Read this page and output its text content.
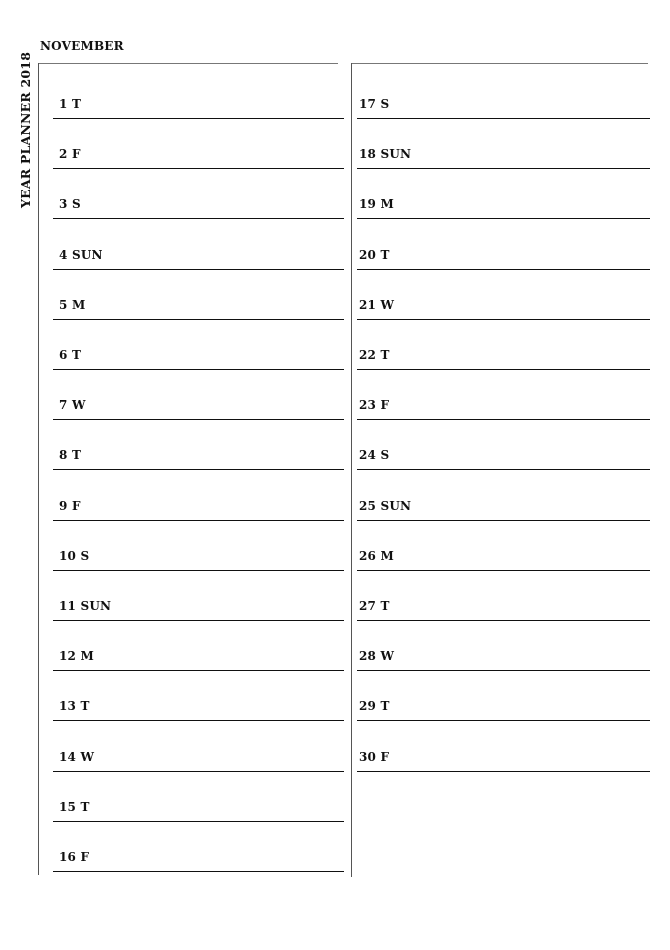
NOVEMBER
YEAR PLANNER 2018 1 T
2 F
3 S
4 SUN
5 M
6 T
7 W
8 T
9 F
10 S
11 SUN
12 M
13 T
14 W
15 T
16 F
17 S
18 SUN
19 M
20 T
21 W
22 T
23 F
24 S
25 SUN
26 M
27 T
28 W
29 T
30 F
